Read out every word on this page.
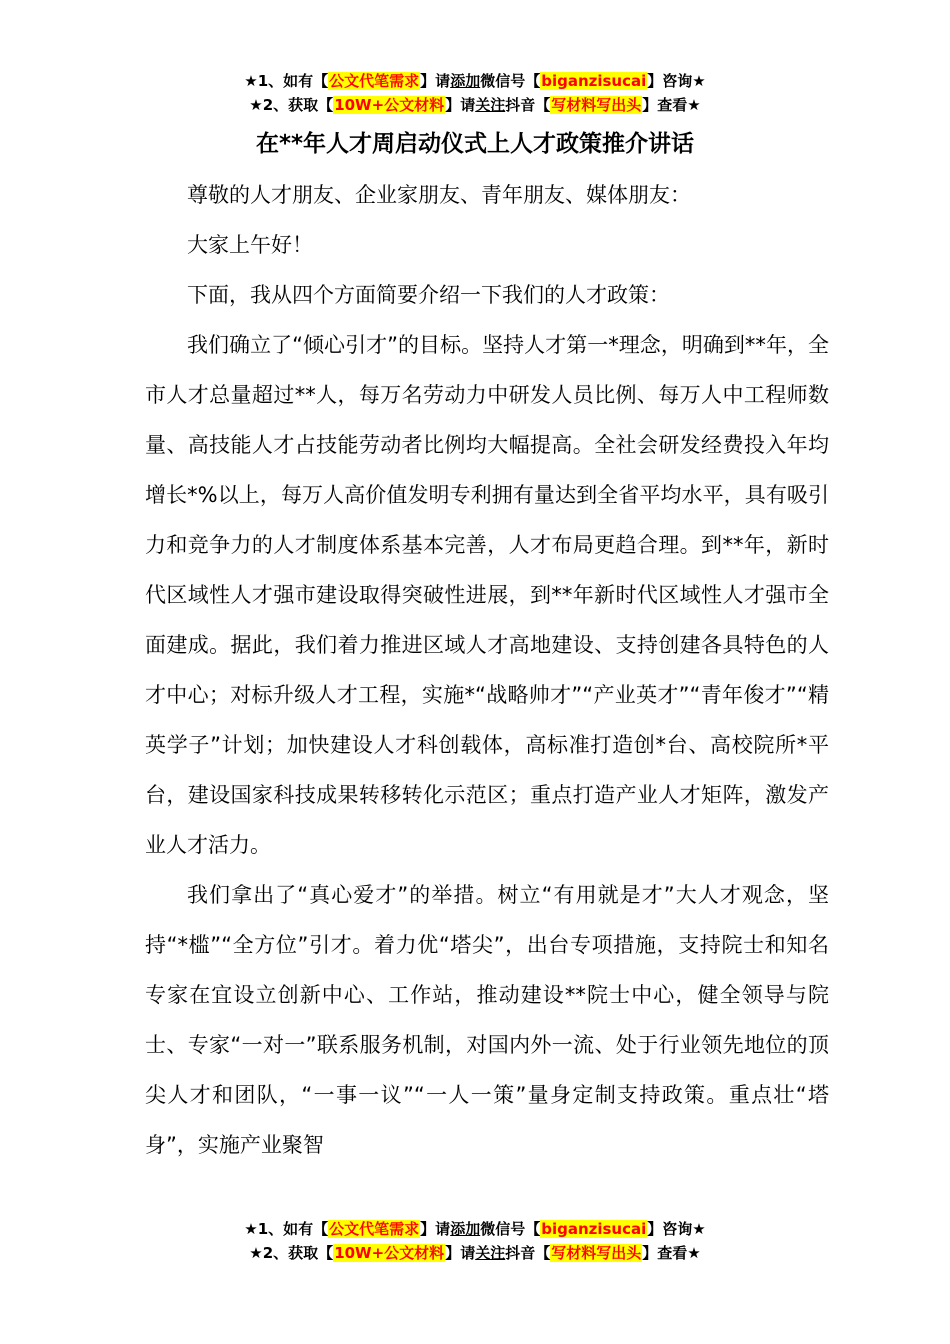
★1、如有【公文代笔需求】请添加微信号【biganzisucai】咨询★
★2、获取【10W+公文材料】请关注抖音【写材料写出头】查看★
在**年人才周启动仪式上人才政策推介讲话

尊敬的人才朋友、企业家朋友、青年朋友、媒体朋友：

大家上午好！

下面，我从四个方面简要介绍一下我们的人才政策：

我们确立了“倾心引才”的目标。坚持人才第一*理念，明确到**年，全市人才总量超过**人，每万名劳动力中研发人员比例、每万人中工程师数量、高技能人才占技能劳动者比例均大幅提高。全社会研发经费投入年均增长*%以上，每万人高价值发明专利拥有量达到全省平均水平，具有吸引力和竞争力的人才制度体系基本完善，人才布局更趋合理。到**年，新时代区域性人才强市建设取得突破性进展，到**年新时代区域性人才强市全面建成。据此，我们着力推进区域人才高地建设、支持创建各具特色的人才中心；对标升级人才工程，实施*“战略帅才”“产业英才”“青年俊才”“精英学子”计划；加快建设人才科创载体，高标准打造创*台、高校院所*平台，建设国家科技成果转移转化示范区；重点打造产业人才矩阵，激发产业人才活力。

我们拿出了“真心爱才”的举措。树立“有用就是才”大人才观念，坚持“*槛”“全方位”引才。着力优“塔尖”，出台专项措施，支持院士和知名专家在宜设立创新中心、工作站，推动建设**院士中心，健全领导与院士、专家“一对一”联系服务机制，对国内外一流、处于行业领先地位的顶尖人才和团队，“一事一议”“一人一策”量身定制支持政策。重点壮“塔身”，实施产业聚智

★1、如有【公文代笔需求】请添加微信号【biganzisucai】咨询★
★2、获取【10W+公文材料】请关注抖音【写材料写出头】查看★
